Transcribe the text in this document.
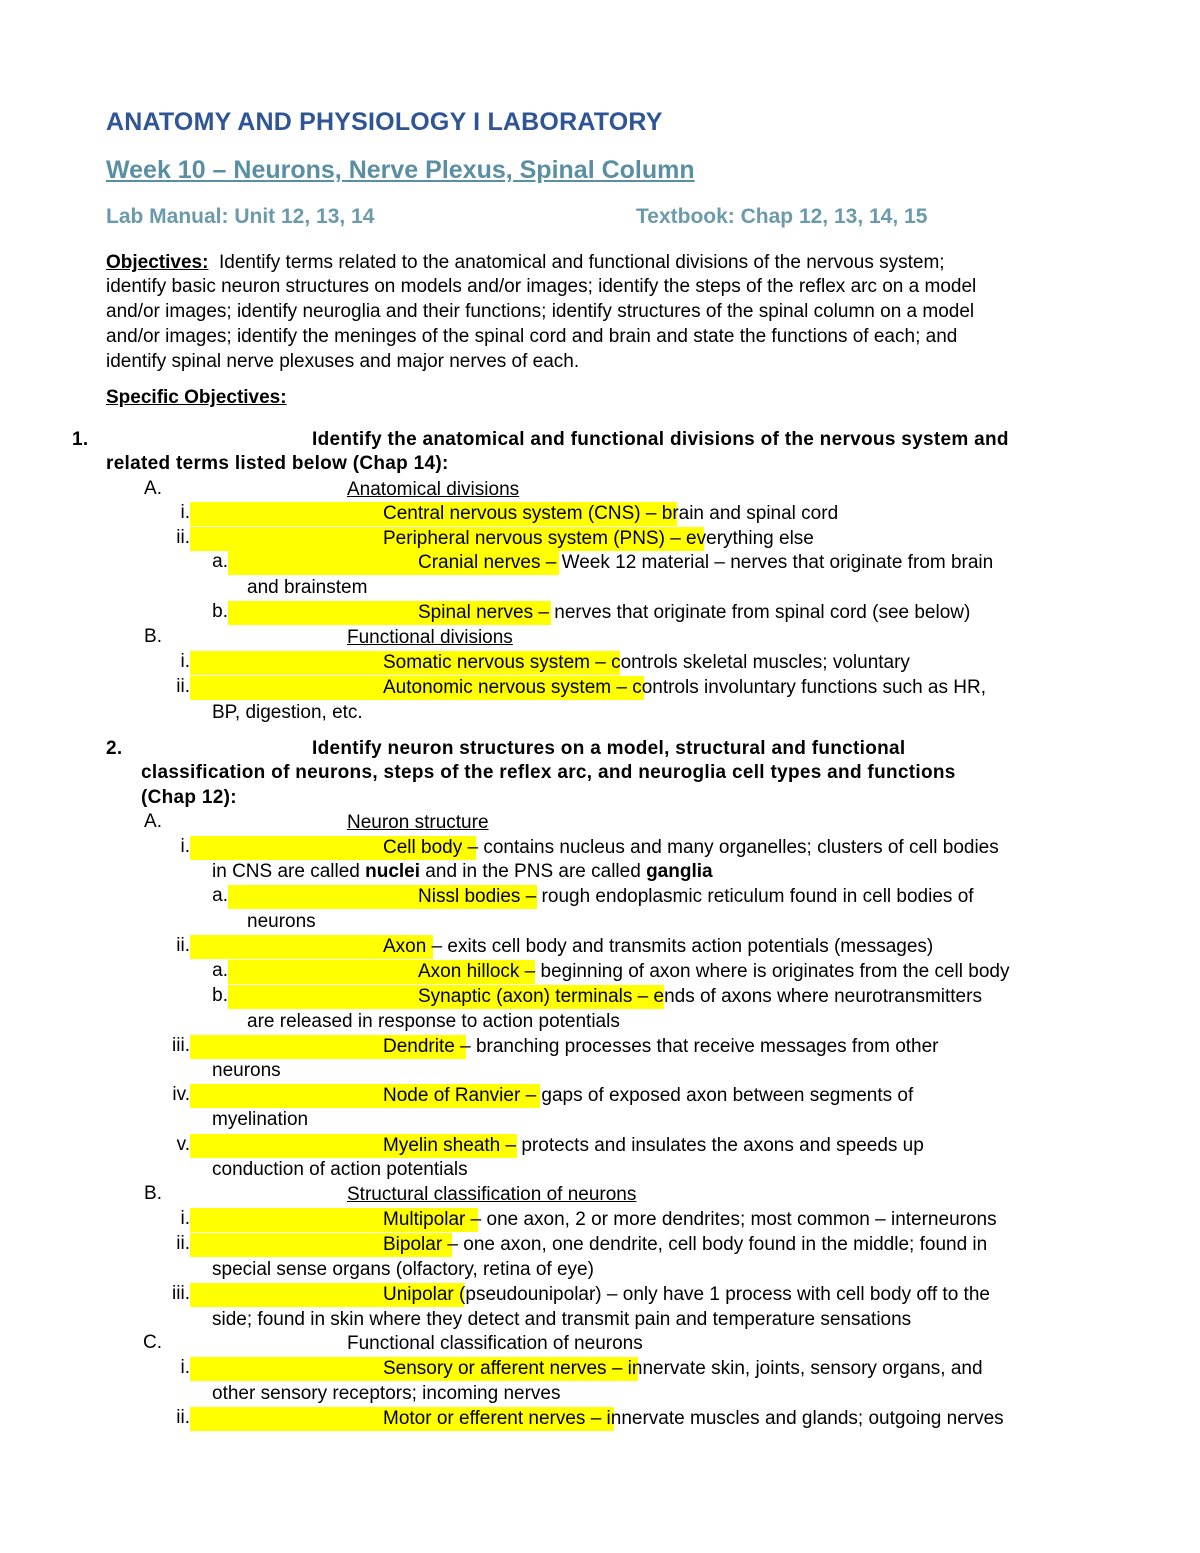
ANATOMY AND PHYSIOLOGY I LABORATORY
Week 10 – Neurons, Nerve Plexus, Spinal Column
Lab Manual: Unit 12, 13, 14	Textbook: Chap 12, 13, 14, 15
Objectives: Identify terms related to the anatomical and functional divisions of the nervous system;
identify basic neuron structures on models and/or images; identify the steps of the reflex arc on a model
and/or images; identify neuroglia and their functions; identify structures of the spinal column on a model
and/or images; identify the meninges of the spinal cord and brain and state the functions of each; and
identify spinal nerve plexuses and major nerves of each.
Specific Objectives:
1.	Identify the anatomical and functional divisions of the nervous system and
related terms listed below (Chap 14):
A.	Anatomical divisions
i.	Central nervous system (CNS) – brain and spinal cord
ii.	Peripheral nervous system (PNS) – everything else
a.	Cranial nerves – Week 12 material – nerves that originate from brain
and brainstem
b.	Spinal nerves – nerves that originate from spinal cord (see below)
B.	Functional divisions
i.	Somatic nervous system – controls skeletal muscles; voluntary
ii.	Autonomic nervous system – controls involuntary functions such as HR,
BP, digestion, etc.
2.	Identify neuron structures on a model, structural and functional
classification of neurons, steps of the reflex arc, and neuroglia cell types and functions
(Chap 12):
A.	Neuron structure
i.	Cell body – contains nucleus and many organelles; clusters of cell bodies
in CNS are called nuclei and in the PNS are called ganglia
a.	Nissl bodies – rough endoplasmic reticulum found in cell bodies of
neurons
ii.	Axon – exits cell body and transmits action potentials (messages)
a.	Axon hillock – beginning of axon where is originates from the cell body
b.	Synaptic (axon) terminals – ends of axons where neurotransmitters
are released in response to action potentials
iii.	Dendrite – branching processes that receive messages from other
neurons
iv.	Node of Ranvier – gaps of exposed axon between segments of
myelination
v.	Myelin sheath – protects and insulates the axons and speeds up
conduction of action potentials
B.	Structural classification of neurons
i.	Multipolar – one axon, 2 or more dendrites; most common – interneurons
ii.	Bipolar – one axon, one dendrite, cell body found in the middle; found in
special sense organs (olfactory, retina of eye)
iii.	Unipolar (pseudounipolar) – only have 1 process with cell body off to the
side; found in skin where they detect and transmit pain and temperature sensations
C.	Functional classification of neurons
i.	Sensory or afferent nerves – innervate skin, joints, sensory organs, and
other sensory receptors; incoming nerves
ii.	Motor or efferent nerves – innervate muscles and glands; outgoing nerves
